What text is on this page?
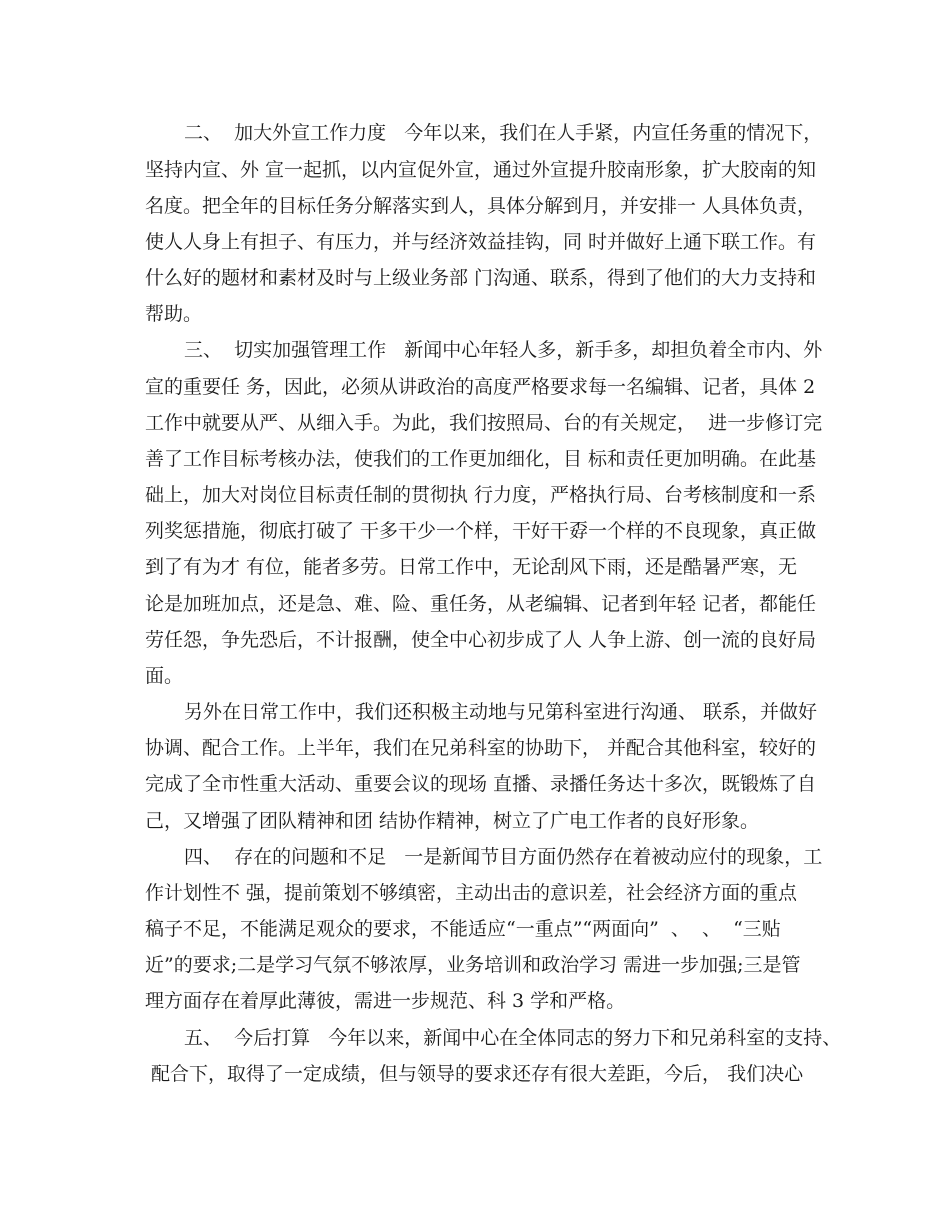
二、  加大外宣工作力度   今年以来，我们在人手紧，内宣任务重的情况下，

坚持内宣、外 宣一起抓，以内宣促外宣，通过外宣提升胶南形象，扩大胶南的知

名度。把全年的目标任务分解落实到人，具体分解到月，并安排一 人具体负责，

使人人身上有担子、有压力，并与经济效益挂钩，同 时并做好上通下联工作。有

什么好的题材和素材及时与上级业务部 门沟通、联系，得到了他们的大力支持和

帮助。

三、  切实加强管理工作   新闻中心年轻人多，新手多，却担负着全市内、外

宣的重要任 务，因此，必须从讲政治的高度严格要求每一名编辑、记者，具体 2

工作中就要从严、从细入手。为此，我们按照局、台的有关规定，  进一步修订完

善了工作目标考核办法，使我们的工作更加细化，目 标和责任更加明确。在此基

础上，加大对岗位目标责任制的贯彻执 行力度，严格执行局、台考核制度和一系

列奖惩措施，彻底打破了 干多干少一个样，干好干孬一个样的不良现象，真正做

到了有为才 有位，能者多劳。日常工作中，无论刮风下雨，还是酷暑严寒，无

论是加班加点，还是急、难、险、重任务，从老编辑、记者到年轻 记者，都能任

劳任怨，争先恐后，不计报酬，使全中心初步成了人 人争上游、创一流的良好局

面。

另外在日常工作中，我们还积极主动地与兄第科室进行沟通、 联系，并做好

协调、配合工作。上半年，我们在兄弟科室的协助下， 并配合其他科室，较好的

完成了全市性重大活动、重要会议的现场 直播、录播任务达十多次，既锻炼了自

己，又增强了团队精神和团 结协作精神，树立了广电工作者的良好形象。

四、  存在的问题和不足   一是新闻节目方面仍然存在着被动应付的现象，工

作计划性不 强，提前策划不够缜密，主动出击的意识差，社会经济方面的重点

稿子不足，不能满足观众的要求，不能适应“一重点”“两面向”  、  、  “三贴

近”的要求;二是学习气氛不够浓厚，业务培训和政治学习 需进一步加强;三是管

理方面存在着厚此薄彼，需进一步规范、科 3 学和严格。

五、  今后打算   今年以来，新闻中心在全体同志的努力下和兄弟科室的支持、

配合下，取得了一定成绩，但与领导的要求还存有很大差距，今后， 我们决心
